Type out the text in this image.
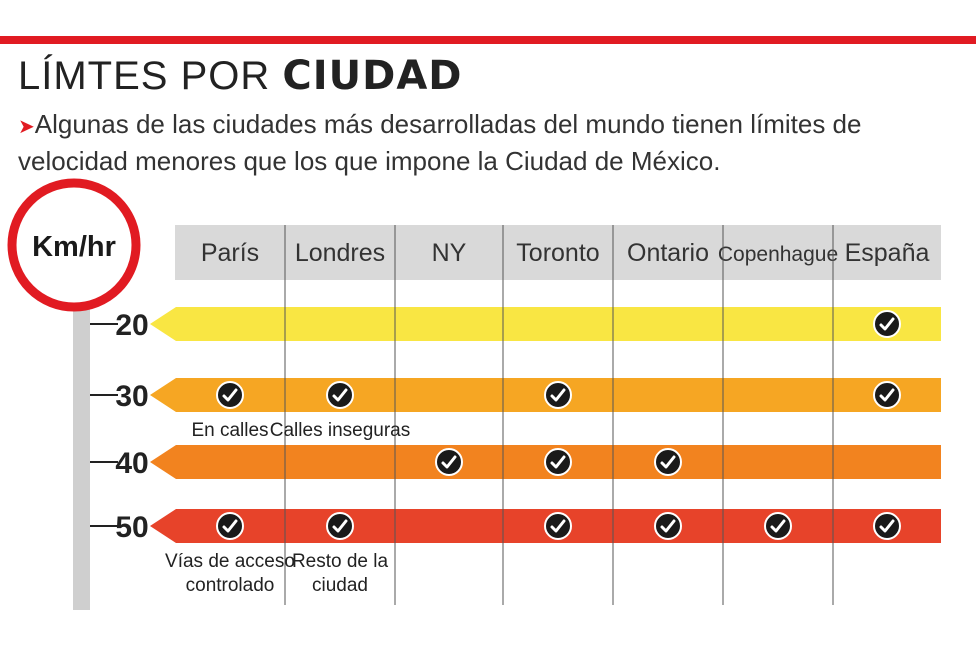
LÍMTES POR CIUDAD
➤Algunas de las ciudades más desarrolladas del mundo tienen límites de velocidad menores que los que impone la Ciudad de México.
París Londres NY Toronto Ontario Copenhague España
20
30
40
50
En calles Calles inseguras
Vías de acceso
controlado
Resto de la
ciudad
Km/hr
